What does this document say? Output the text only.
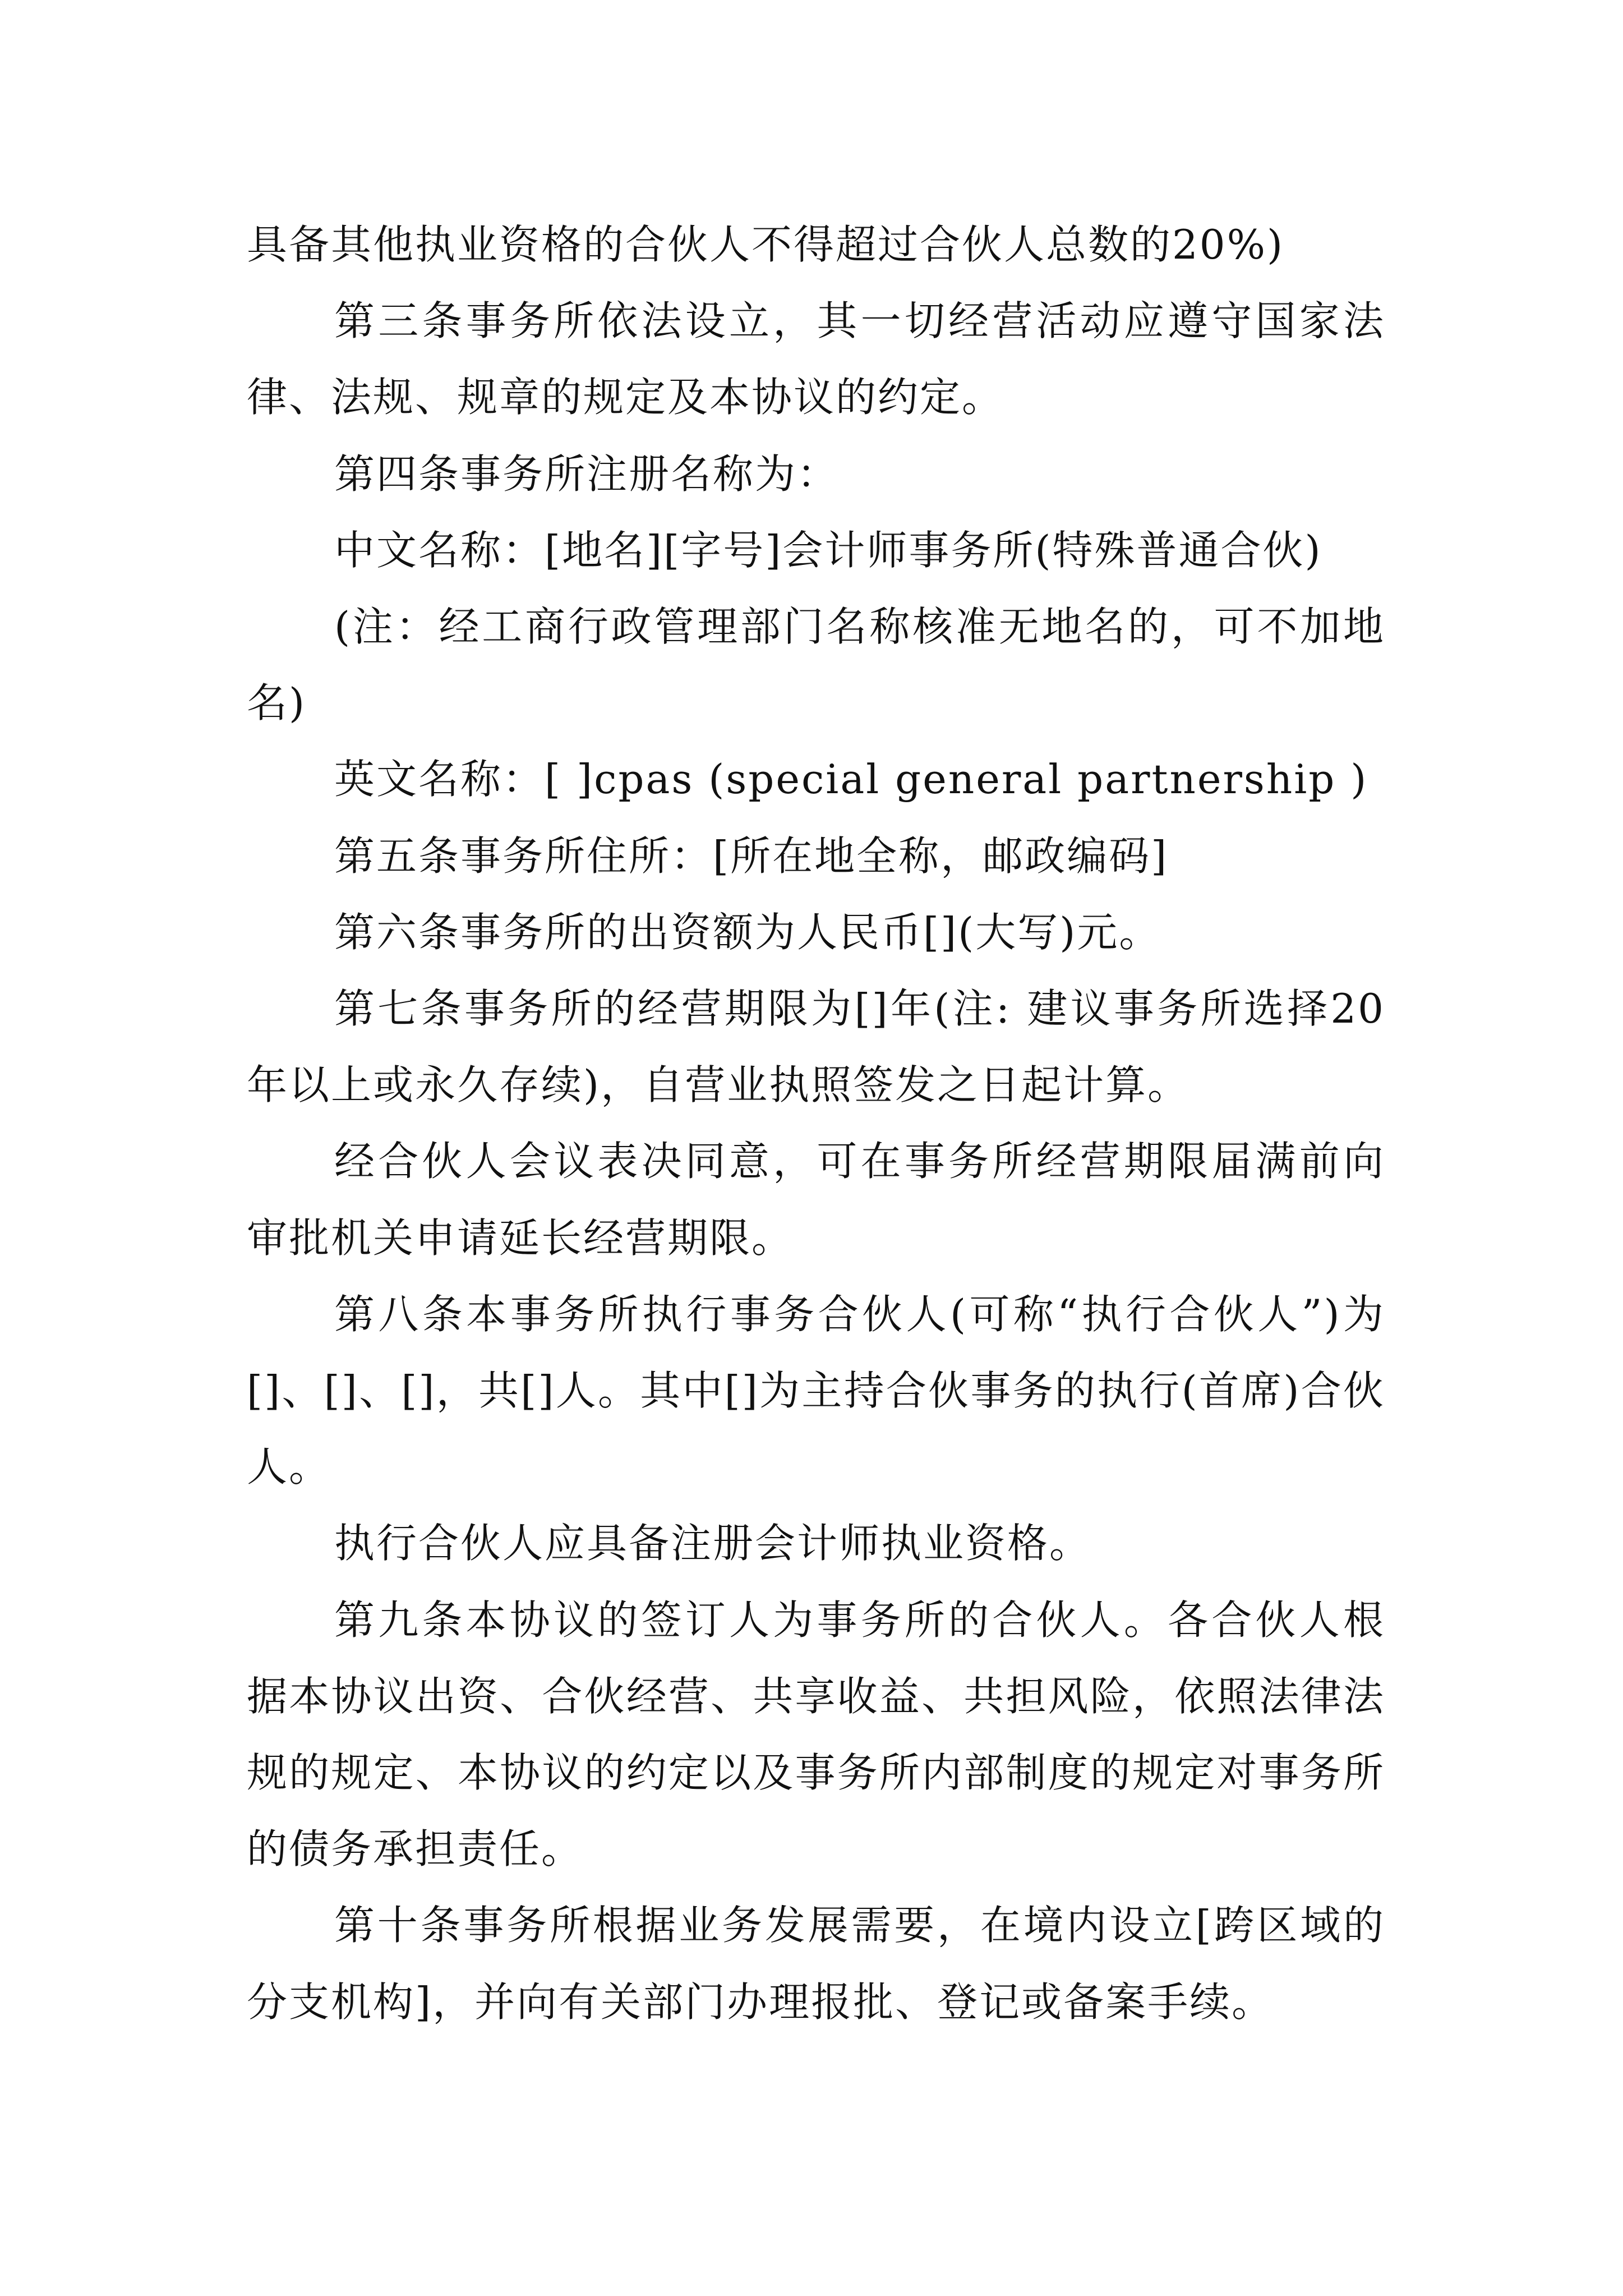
具备其他执业资格的合伙人不得超过合伙人总数的20%)

第三条事务所依法设立，其一切经营活动应遵守国家法律、法规、规章的规定及本协议的约定。

第四条事务所注册名称为：

中文名称：[地名][字号]会计师事务所(特殊普通合伙)

(注：经工商行政管理部门名称核准无地名的，可不加地名)

英文名称：[ ]cpas (special general partnership )

第五条事务所住所：[所在地全称，邮政编码]

第六条事务所的出资额为人民币[](大写)元。

第七条事务所的经营期限为[]年(注: 建议事务所选择20年以上或永久存续)，自营业执照签发之日起计算。

经合伙人会议表决同意，可在事务所经营期限届满前向审批机关申请延长经营期限。

第八条本事务所执行事务合伙人(可称“执行合伙人”)为[]、[]、[]，共[]人。其中[]为主持合伙事务的执行(首席)合伙人。

执行合伙人应具备注册会计师执业资格。

第九条本协议的签订人为事务所的合伙人。各合伙人根据本协议出资、合伙经营、共享收益、共担风险，依照法律法规的规定、本协议的约定以及事务所内部制度的规定对事务所的债务承担责任。

第十条事务所根据业务发展需要，在境内设立[跨区域的分支机构]，并向有关部门办理报批、登记或备案手续。
